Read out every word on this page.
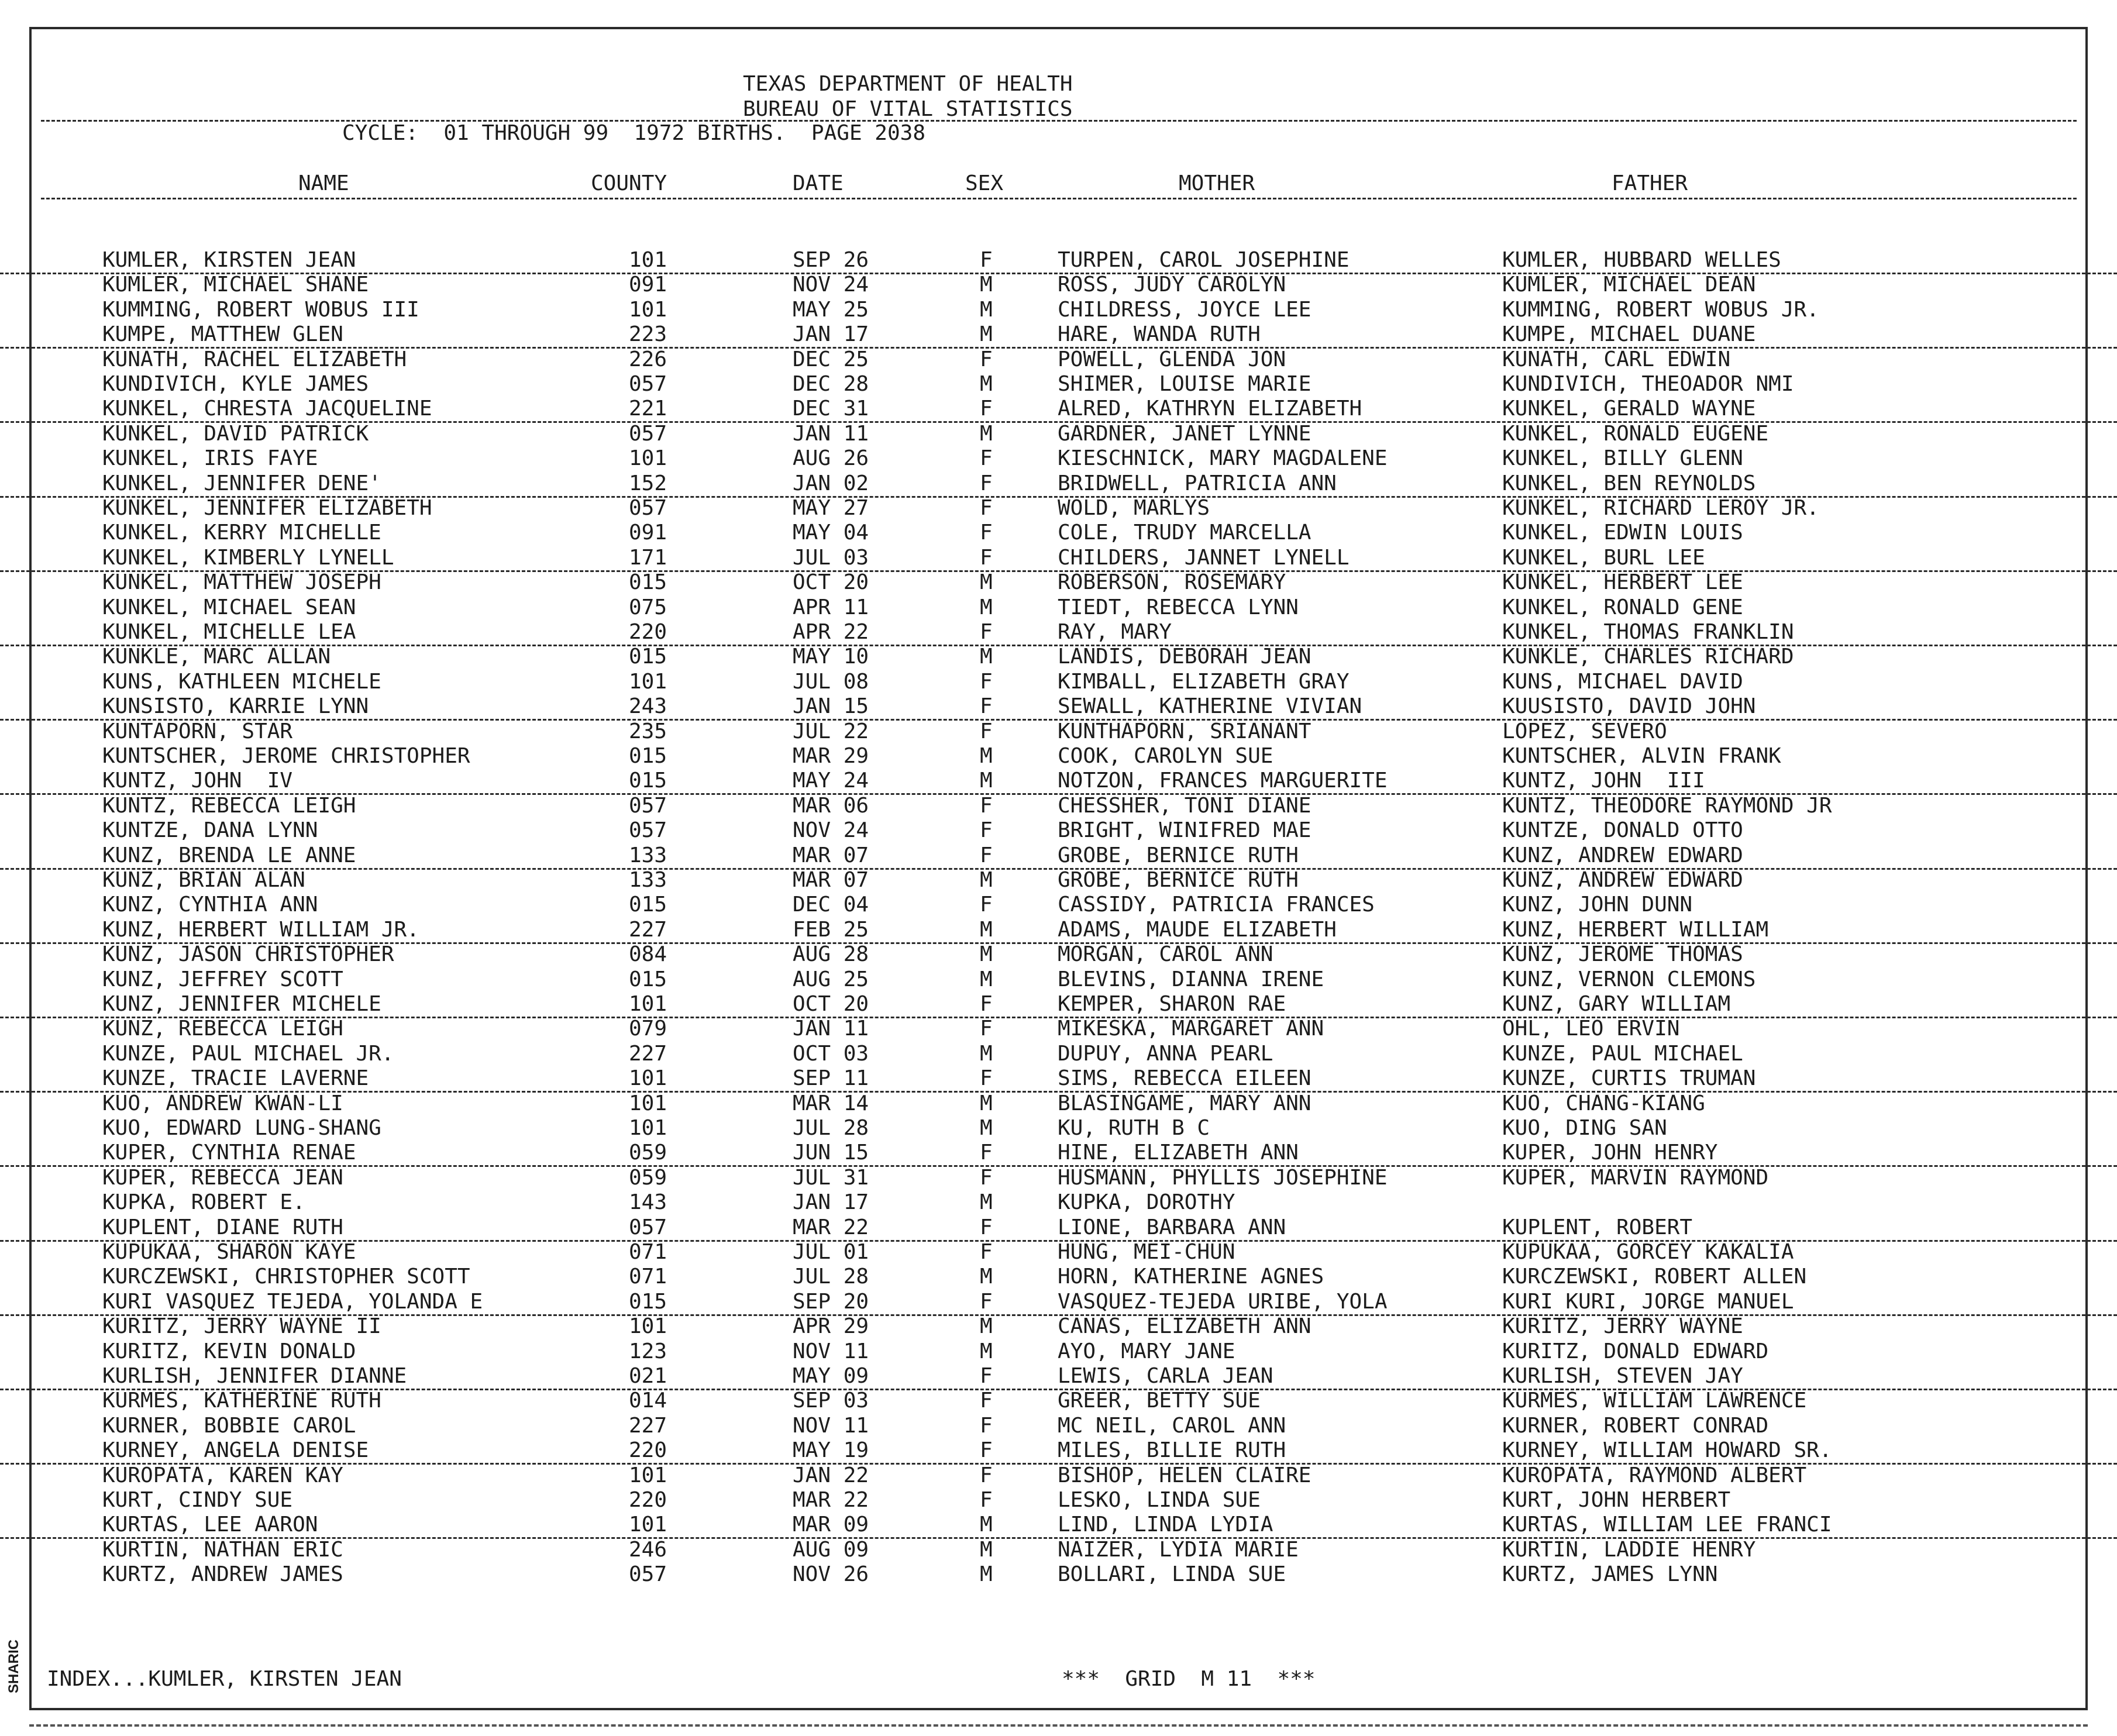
TEXAS DEPARTMENT OF HEALTH
BUREAU OF VITAL STATISTICS
CYCLE:  01 THROUGH 99  1972 BIRTHS.  PAGE 2038
NAME	COUNTY	DATE	SEX	MOTHER	FATHER
KUMLER, KIRSTEN JEAN	101	SEP 26	F	TURPEN, CAROL JOSEPHINE	KUMLER, HUBBARD WELLES
KUMLER, MICHAEL SHANE	091	NOV 24	M	ROSS, JUDY CAROLYN	KUMLER, MICHAEL DEAN
KUMMING, ROBERT WOBUS III	101	MAY 25	M	CHILDRESS, JOYCE LEE	KUMMING, ROBERT WOBUS JR.
KUMPE, MATTHEW GLEN	223	JAN 17	M	HARE, WANDA RUTH	KUMPE, MICHAEL DUANE
KUNATH, RACHEL ELIZABETH	226	DEC 25	F	POWELL, GLENDA JON	KUNATH, CARL EDWIN
KUNDIVICH, KYLE JAMES	057	DEC 28	M	SHIMER, LOUISE MARIE	KUNDIVICH, THEOADOR NMI
KUNKEL, CHRESTA JACQUELINE	221	DEC 31	F	ALRED, KATHRYN ELIZABETH	KUNKEL, GERALD WAYNE
KUNKEL, DAVID PATRICK	057	JAN 11	M	GARDNER, JANET LYNNE	KUNKEL, RONALD EUGENE
KUNKEL, IRIS FAYE	101	AUG 26	F	KIESCHNICK, MARY MAGDALENE	KUNKEL, BILLY GLENN
KUNKEL, JENNIFER DENE'	152	JAN 02	F	BRIDWELL, PATRICIA ANN	KUNKEL, BEN REYNOLDS
KUNKEL, JENNIFER ELIZABETH	057	MAY 27	F	WOLD, MARLYS	KUNKEL, RICHARD LEROY JR.
KUNKEL, KERRY MICHELLE	091	MAY 04	F	COLE, TRUDY MARCELLA	KUNKEL, EDWIN LOUIS
KUNKEL, KIMBERLY LYNELL	171	JUL 03	F	CHILDERS, JANNET LYNELL	KUNKEL, BURL LEE
KUNKEL, MATTHEW JOSEPH	015	OCT 20	M	ROBERSON, ROSEMARY	KUNKEL, HERBERT LEE
KUNKEL, MICHAEL SEAN	075	APR 11	M	TIEDT, REBECCA LYNN	KUNKEL, RONALD GENE
KUNKEL, MICHELLE LEA	220	APR 22	F	RAY, MARY	KUNKEL, THOMAS FRANKLIN
KUNKLE, MARC ALLAN	015	MAY 10	M	LANDIS, DEBORAH JEAN	KUNKLE, CHARLES RICHARD
KUNS, KATHLEEN MICHELE	101	JUL 08	F	KIMBALL, ELIZABETH GRAY	KUNS, MICHAEL DAVID
KUNSISTO, KARRIE LYNN	243	JAN 15	F	SEWALL, KATHERINE VIVIAN	KUUSISTO, DAVID JOHN
KUNTAPORN, STAR	235	JUL 22	F	KUNTHAPORN, SRIANANT	LOPEZ, SEVERO
KUNTSCHER, JEROME CHRISTOPHER	015	MAR 29	M	COOK, CAROLYN SUE	KUNTSCHER, ALVIN FRANK
KUNTZ, JOHN  IV	015	MAY 24	M	NOTZON, FRANCES MARGUERITE	KUNTZ, JOHN  III
KUNTZ, REBECCA LEIGH	057	MAR 06	F	CHESSHER, TONI DIANE	KUNTZ, THEODORE RAYMOND JR
KUNTZE, DANA LYNN	057	NOV 24	F	BRIGHT, WINIFRED MAE	KUNTZE, DONALD OTTO
KUNZ, BRENDA LE ANNE	133	MAR 07	F	GROBE, BERNICE RUTH	KUNZ, ANDREW EDWARD
KUNZ, BRIAN ALAN	133	MAR 07	M	GROBE, BERNICE RUTH	KUNZ, ANDREW EDWARD
KUNZ, CYNTHIA ANN	015	DEC 04	F	CASSIDY, PATRICIA FRANCES	KUNZ, JOHN DUNN
KUNZ, HERBERT WILLIAM JR.	227	FEB 25	M	ADAMS, MAUDE ELIZABETH	KUNZ, HERBERT WILLIAM
KUNZ, JASON CHRISTOPHER	084	AUG 28	M	MORGAN, CAROL ANN	KUNZ, JEROME THOMAS
KUNZ, JEFFREY SCOTT	015	AUG 25	M	BLEVINS, DIANNA IRENE	KUNZ, VERNON CLEMONS
KUNZ, JENNIFER MICHELE	101	OCT 20	F	KEMPER, SHARON RAE	KUNZ, GARY WILLIAM
KUNZ, REBECCA LEIGH	079	JAN 11	F	MIKESKA, MARGARET ANN	OHL, LEO ERVIN
KUNZE, PAUL MICHAEL JR.	227	OCT 03	M	DUPUY, ANNA PEARL	KUNZE, PAUL MICHAEL
KUNZE, TRACIE LAVERNE	101	SEP 11	F	SIMS, REBECCA EILEEN	KUNZE, CURTIS TRUMAN
KUO, ANDREW KWAN-LI	101	MAR 14	M	BLASINGAME, MARY ANN	KUO, CHANG-KIANG
KUO, EDWARD LUNG-SHANG	101	JUL 28	M	KU, RUTH B C	KUO, DING SAN
KUPER, CYNTHIA RENAE	059	JUN 15	F	HINE, ELIZABETH ANN	KUPER, JOHN HENRY
KUPER, REBECCA JEAN	059	JUL 31	F	HUSMANN, PHYLLIS JOSEPHINE	KUPER, MARVIN RAYMOND
KUPKA, ROBERT E.	143	JAN 17	M	KUPKA, DOROTHY
KUPLENT, DIANE RUTH	057	MAR 22	F	LIONE, BARBARA ANN	KUPLENT, ROBERT
KUPUKAA, SHARON KAYE	071	JUL 01	F	HUNG, MEI-CHUN	KUPUKAA, GORCEY KAKALIA
KURCZEWSKI, CHRISTOPHER SCOTT	071	JUL 28	M	HORN, KATHERINE AGNES	KURCZEWSKI, ROBERT ALLEN
KURI VASQUEZ TEJEDA, YOLANDA E	015	SEP 20	F	VASQUEZ-TEJEDA URIBE, YOLA	KURI KURI, JORGE MANUEL
KURITZ, JERRY WAYNE II	101	APR 29	M	CANAS, ELIZABETH ANN	KURITZ, JERRY WAYNE
KURITZ, KEVIN DONALD	123	NOV 11	M	AYO, MARY JANE	KURITZ, DONALD EDWARD
KURLISH, JENNIFER DIANNE	021	MAY 09	F	LEWIS, CARLA JEAN	KURLISH, STEVEN JAY
KURMES, KATHERINE RUTH	014	SEP 03	F	GREER, BETTY SUE	KURMES, WILLIAM LAWRENCE
KURNER, BOBBIE CAROL	227	NOV 11	F	MC NEIL, CAROL ANN	KURNER, ROBERT CONRAD
KURNEY, ANGELA DENISE	220	MAY 19	F	MILES, BILLIE RUTH	KURNEY, WILLIAM HOWARD SR.
KUROPATA, KAREN KAY	101	JAN 22	F	BISHOP, HELEN CLAIRE	KUROPATA, RAYMOND ALBERT
KURT, CINDY SUE	220	MAR 22	F	LESKO, LINDA SUE	KURT, JOHN HERBERT
KURTAS, LEE AARON	101	MAR 09	M	LIND, LINDA LYDIA	KURTAS, WILLIAM LEE FRANCI
KURTIN, NATHAN ERIC	246	AUG 09	M	NAIZER, LYDIA MARIE	KURTIN, LADDIE HENRY
KURTZ, ANDREW JAMES	057	NOV 26	M	BOLLARI, LINDA SUE	KURTZ, JAMES LYNN
INDEX...KUMLER, KIRSTEN JEAN	***  GRID  M 11  ***
SHARIC
